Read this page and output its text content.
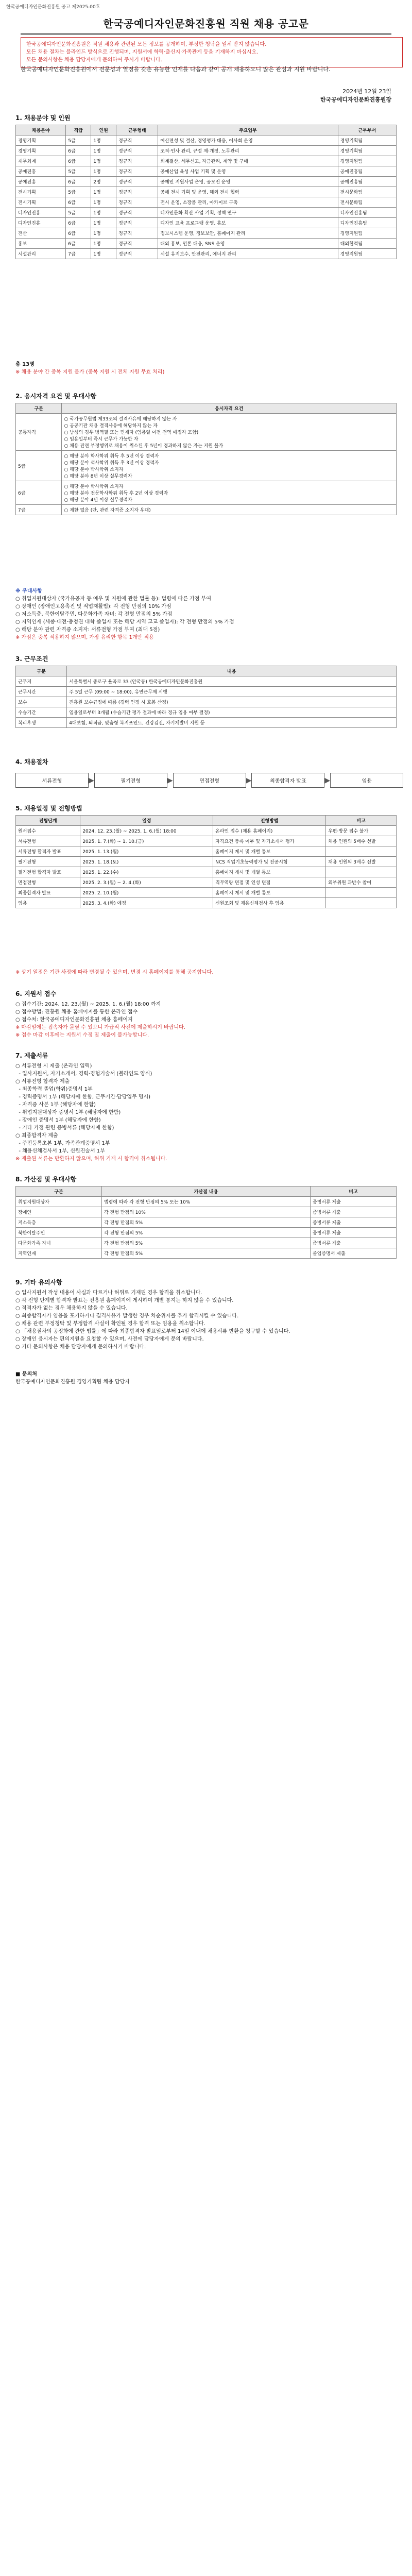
한국공예디자인문화진흥원 공고 제2025-00호
한국공예디자인문화진흥원 직원 채용 공고문
한국공예디자인문화진흥원은 직원 채용과 관련된 모든 정보를 공개하며, 부정한 청탁을 일체 받지 않습니다.
모든 채용 절차는 블라인드 방식으로 진행되며, 지원서에 학력·출신지·가족관계 등을 기재하지 마십시오.
모든 문의사항은 채용 담당자에게 문의하여 주시기 바랍니다.
한국공예디자인문화진흥원에서 전문성과 열정을 갖춘 유능한 인재를 다음과 같이 공개 채용하오니 많은 관심과 지원 바랍니다.
2024년 12월 23일
한국공예디자인문화진흥원장
1. 채용분야 및 인원
채용분야	직급	인원	근무형태	주요업무	근무부서
경영기획	5급	1명	정규직	예산편성 및 결산, 경영평가 대응, 이사회 운영	경영기획팀
경영기획	6급	1명	정규직	조직·인사 관리, 규정 제·개정, 노무관리	경영기획팀
재무회계	6급	1명	정규직	회계결산, 세무신고, 자금관리, 계약 및 구매	경영지원팀
공예진흥	5급	1명	정규직	공예산업 육성 사업 기획 및 운영	공예진흥팀
공예진흥	6급	2명	정규직	공예인 지원사업 운영, 공모전 운영	공예진흥팀
전시기획	5급	1명	정규직	공예 전시 기획 및 운영, 해외 전시 협력	전시문화팀
전시기획	6급	1명	정규직	전시 운영, 소장품 관리, 아카이브 구축	전시문화팀
디자인진흥	5급	1명	정규직	디자인문화 확산 사업 기획, 정책 연구	디자인진흥팀
디자인진흥	6급	1명	정규직	디자인 교육 프로그램 운영, 홍보	디자인진흥팀
전산	6급	1명	정규직	정보시스템 운영, 정보보안, 홈페이지 관리	경영지원팀
홍보	6급	1명	정규직	대외 홍보, 언론 대응, SNS 운영	대외협력팀
시설관리	7급	1명	정규직	시설 유지보수, 안전관리, 에너지 관리	경영지원팀
총 13명
※ 채용 분야 간 중복 지원 불가 (중복 지원 시 전체 지원 무효 처리)
2. 응시자격 요건 및 우대사항
구분	응시자격 요건
공통자격	○ 국가공무원법 제33조의 결격사유에 해당하지 않는 자
○ 공공기관 채용 결격사유에 해당하지 않는 자
○ 남성의 경우 병역필 또는 면제자 (임용일 이전 전역 예정자 포함)
○ 임용일부터 즉시 근무가 가능한 자
○ 채용 관련 부정행위로 채용이 취소된 후 5년이 경과하지 않은 자는 지원 불가
5급	○ 해당 분야 학사학위 취득 후 5년 이상 경력자
○ 해당 분야 석사학위 취득 후 3년 이상 경력자
○ 해당 분야 박사학위 소지자
○ 해당 분야 8년 이상 실무경력자
6급	○ 해당 분야 학사학위 소지자
○ 해당 분야 전문학사학위 취득 후 2년 이상 경력자
○ 해당 분야 4년 이상 실무경력자
7급	○ 제한 없음 (단, 관련 자격증 소지자 우대)
※ 우대사항
○ 취업지원대상자 (국가유공자 등 예우 및 지원에 관한 법률 등): 법령에 따른 가점 부여
○ 장애인 (장애인고용촉진 및 직업재활법): 각 전형 만점의 10% 가점
○ 저소득층, 북한이탈주민, 다문화가족 자녀: 각 전형 만점의 5% 가점
○ 지역인재 (세종·대전·충청권 대학 졸업자 또는 해당 지역 고교 졸업자): 각 전형 만점의 5% 가점
○ 해당 분야 관련 자격증 소지자: 서류전형 가점 부여 (최대 5점)
※ 가점은 중복 적용하지 않으며, 가장 유리한 항목 1개만 적용
3. 근무조건
구분	내용
근무지	서울특별시 종로구 율곡로 33 (안국동) 한국공예디자인문화진흥원
근무시간	주 5일 근무 (09:00 ~ 18:00), 유연근무제 시행
보수	진흥원 보수규정에 따름 (경력 인정 시 호봉 산정)
수습기간	임용일로부터 3개월 (수습기간 평가 결과에 따라 정규 임용 여부 결정)
복리후생	4대보험, 퇴직금, 맞춤형 복지포인트, 건강검진, 자기계발비 지원 등
4. 채용절차
서류전형	▶	필기전형	▶	면접전형	▶	최종합격자 발표	▶	임용
5. 채용일정 및 전형방법
전형단계	일정	전형방법	비고
원서접수	2024. 12. 23.(월) ~ 2025. 1. 6.(월) 18:00	온라인 접수 (채용 홈페이지)	우편·방문 접수 불가
서류전형	2025. 1. 7.(화) ~ 1. 10.(금)	자격요건 충족 여부 및 자기소개서 평가	채용 인원의 5배수 선발
서류전형 합격자 발표	2025. 1. 13.(월)	홈페이지 게시 및 개별 통보	
필기전형	2025. 1. 18.(토)	NCS 직업기초능력평가 및 전공시험	채용 인원의 3배수 선발
필기전형 합격자 발표	2025. 1. 22.(수)	홈페이지 게시 및 개별 통보	
면접전형	2025. 2. 3.(월) ~ 2. 4.(화)	직무역량 면접 및 인성 면접	외부위원 과반수 참여
최종합격자 발표	2025. 2. 10.(월)	홈페이지 게시 및 개별 통보	
임용	2025. 3. 4.(화) 예정	신원조회 및 채용신체검사 후 임용	
※ 상기 일정은 기관 사정에 따라 변경될 수 있으며, 변경 시 홈페이지를 통해 공지합니다.
6. 지원서 접수
○ 접수기간: 2024. 12. 23.(월) ~ 2025. 1. 6.(월) 18:00 까지
○ 접수방법: 진흥원 채용 홈페이지를 통한 온라인 접수
○ 접수처: 한국공예디자인문화진흥원 채용 홈페이지
※ 마감일에는 접속자가 몰릴 수 있으니 가급적 사전에 제출하시기 바랍니다.
※ 접수 마감 이후에는 지원서 수정 및 제출이 불가능합니다.
7. 제출서류
○ 서류전형 시 제출 (온라인 입력)
- 입사지원서, 자기소개서, 경력·경험기술서 (블라인드 양식)
○ 서류전형 합격자 제출
- 최종학력 졸업(학위)증명서 1부
- 경력증명서 1부 (해당자에 한함, 근무기간·담당업무 명시)
- 자격증 사본 1부 (해당자에 한함)
- 취업지원대상자 증명서 1부 (해당자에 한함)
- 장애인 증명서 1부 (해당자에 한함)
- 기타 가점 관련 증빙서류 (해당자에 한함)
○ 최종합격자 제출
- 주민등록초본 1부, 가족관계증명서 1부
- 채용신체검사서 1부, 신원진술서 1부
※ 제출된 서류는 반환하지 않으며, 허위 기재 시 합격이 취소됩니다.
8. 가산점 및 우대사항
구분	가산점 내용	비고
취업지원대상자	법령에 따라 각 전형 만점의 5% 또는 10%	증빙서류 제출
장애인	각 전형 만점의 10%	증빙서류 제출
저소득층	각 전형 만점의 5%	증빙서류 제출
북한이탈주민	각 전형 만점의 5%	증빙서류 제출
다문화가족 자녀	각 전형 만점의 5%	증빙서류 제출
지역인재	각 전형 만점의 5%	졸업증명서 제출
9. 기타 유의사항
○ 입사지원서 작성 내용이 사실과 다르거나 허위로 기재된 경우 합격을 취소합니다.
○ 각 전형 단계별 합격자 발표는 진흥원 홈페이지에 게시하며 개별 통지는 하지 않을 수 있습니다.
○ 적격자가 없는 경우 채용하지 않을 수 있습니다.
○ 최종합격자가 임용을 포기하거나 결격사유가 발생한 경우 차순위자를 추가 합격시킬 수 있습니다.
○ 채용 관련 부정청탁 및 부정합격 사실이 확인될 경우 합격 또는 임용을 취소합니다.
○ 「채용절차의 공정화에 관한 법률」에 따라 최종합격자 발표일로부터 14일 이내에 채용서류 반환을 청구할 수 있습니다.
○ 장애인 응시자는 편의지원을 요청할 수 있으며, 사전에 담당자에게 문의 바랍니다.
○ 기타 문의사항은 채용 담당자에게 문의하시기 바랍니다.
■ 문의처
한국공예디자인문화진흥원 경영기획팀 채용 담당자
